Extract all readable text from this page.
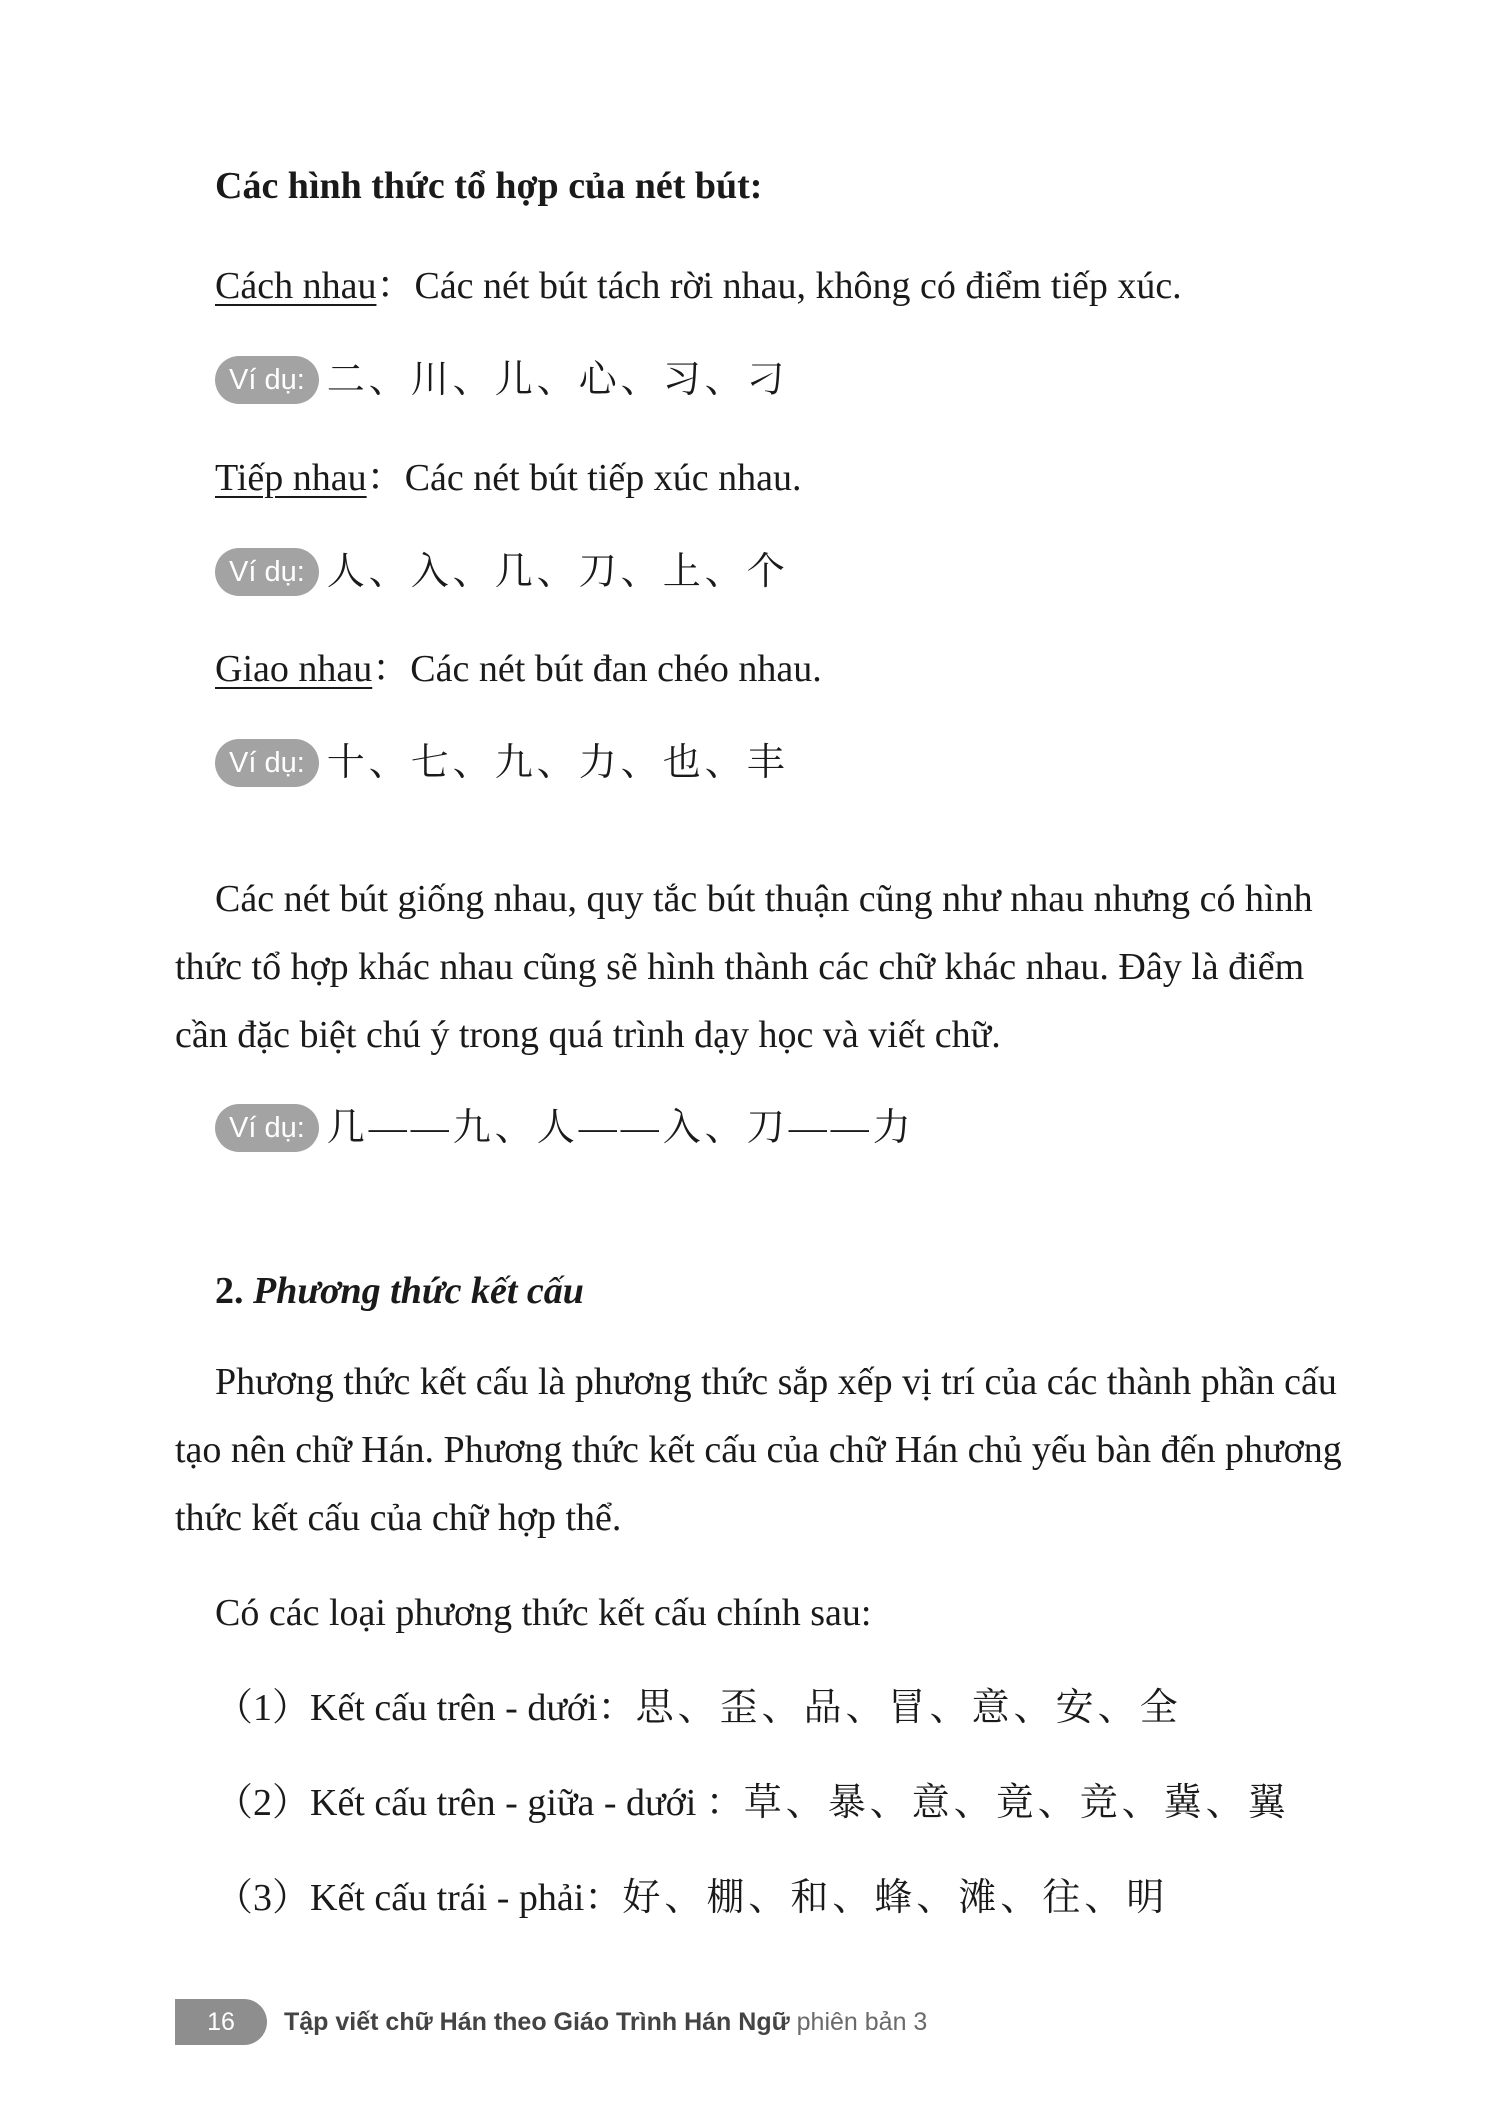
Các hình thức tổ hợp của nét bút:
Cách nhau：Các nét bút tách rời nhau, không có điểm tiếp xúc.
Ví dụ: 二、川、儿、心、习、刁
Tiếp nhau：Các nét bút tiếp xúc nhau.
Ví dụ: 人、入、几、刀、上、个
Giao nhau：Các nét bút đan chéo nhau.
Ví dụ: 十、七、九、力、也、丰
Các nét bút giống nhau, quy tắc bút thuận cũng như nhau nhưng có hình
thức tổ hợp khác nhau cũng sẽ hình thành các chữ khác nhau. Đây là điểm
cần đặc biệt chú ý trong quá trình dạy học và viết chữ.
Ví dụ: 几——九、人——入、刀——力
2. Phương thức kết cấu
Phương thức kết cấu là phương thức sắp xếp vị trí của các thành phần cấu
tạo nên chữ Hán. Phương thức kết cấu của chữ Hán chủ yếu bàn đến phương
thức kết cấu của chữ hợp thể.
Có các loại phương thức kết cấu chính sau:
（1）Kết cấu trên - dưới：思、歪、品、冒、意、安、全
（2）Kết cấu trên - giữa - dưới ：草、暴、意、竟、竞、冀、翼
（3）Kết cấu trái - phải：好、棚、和、蜂、滩、往、明
16	Tập viết chữ Hán theo Giáo Trình Hán Ngữ phiên bản 3
